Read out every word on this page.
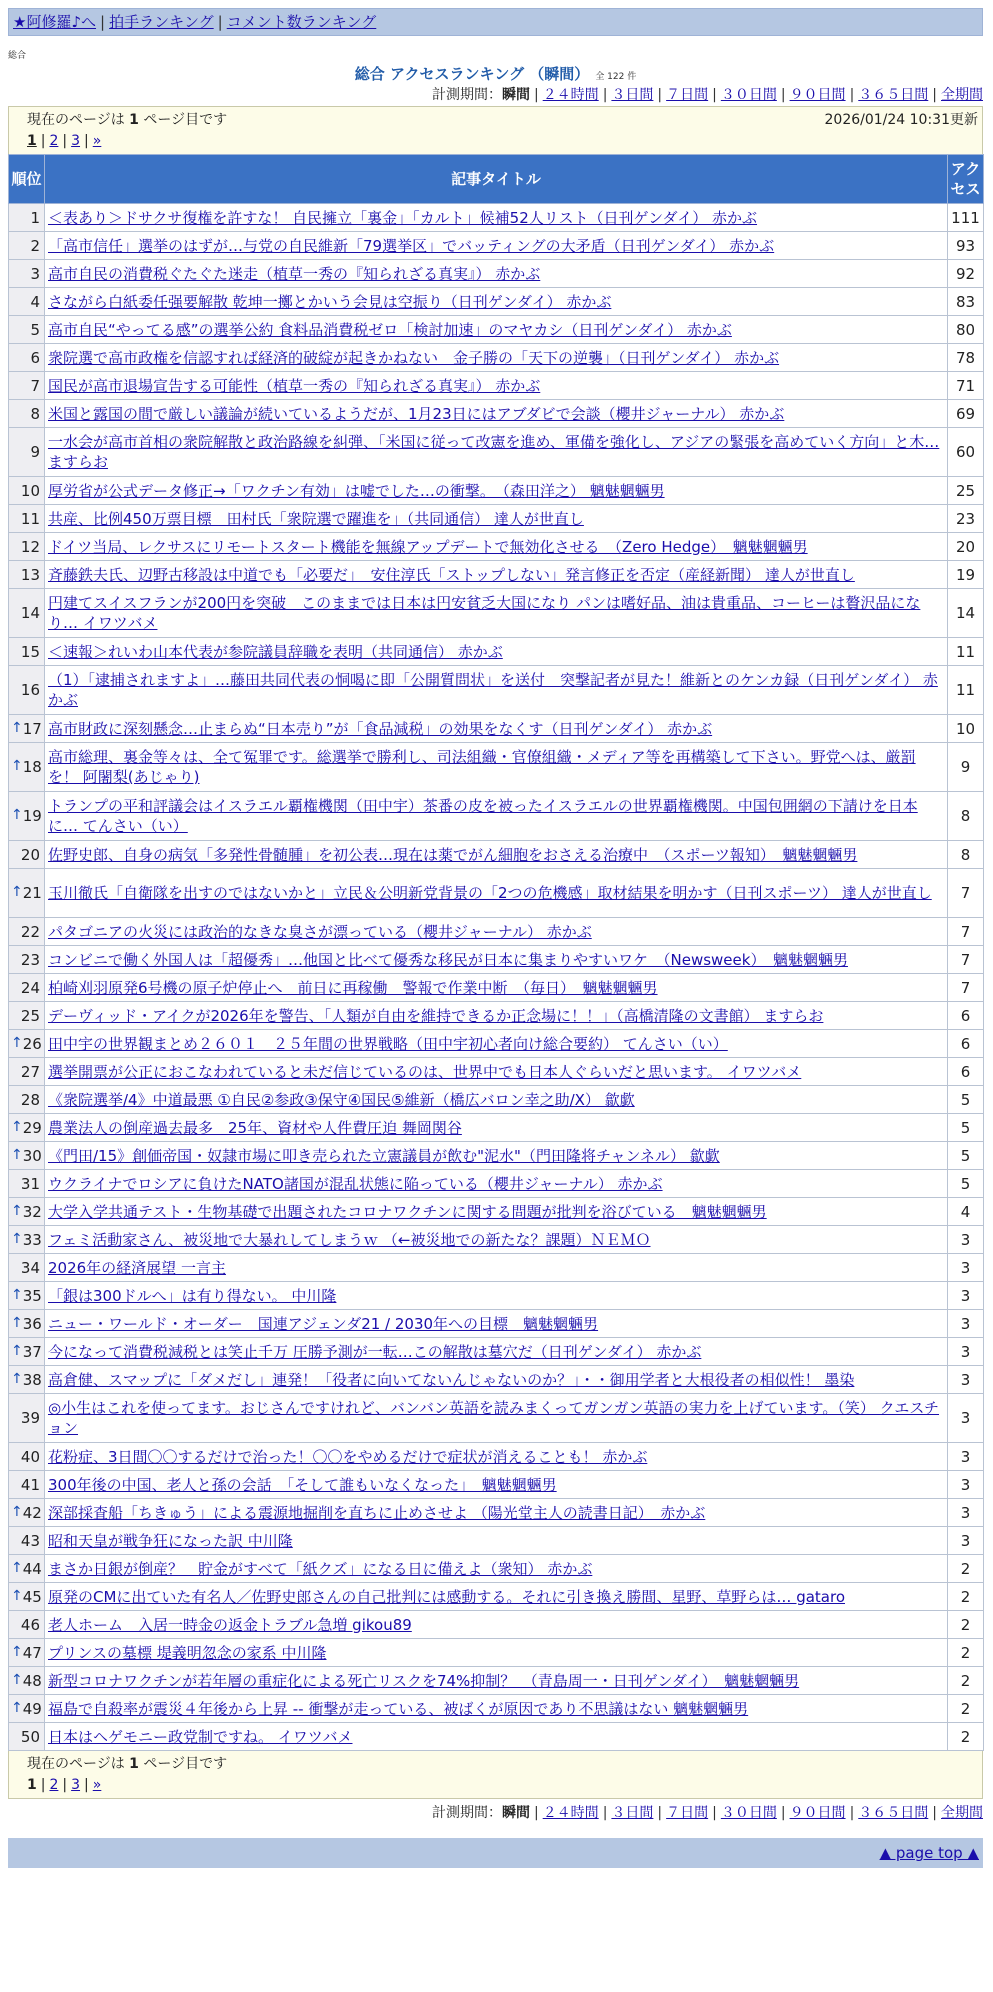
★阿修羅♪へ | 拍手ランキング | コメント数ランキング
総合
総合 アクセスランキング （瞬間） 全 122 件
計測期間：瞬間 | ２４時間 | ３日間 | ７日間 | ３０日間 | ９０日間 | ３６５日間 | 全期間
現在のページは 1 ページ目です	2026/01/24 10:31更新
1 | 2 | 3 | »
順位	記事タイトル	アクセス
1	＜表あり＞ドサクサ復権を許すな！ 自民擁立「裏金」「カルト」候補52人リスト（日刊ゲンダイ） 赤かぶ	111
2	「高市信任」選挙のはずが…与党の自民維新「79選挙区」でバッティングの大矛盾（日刊ゲンダイ） 赤かぶ	93
3	高市自民の消費税ぐたぐた迷走（植草一秀の『知られざる真実』） 赤かぶ	92
4	さながら白紙委任强要解散 乾坤一擲とかいう会見は空振り（日刊ゲンダイ） 赤かぶ	83
5	高市自民“やってる感”の選挙公約 食料品消費税ゼロ「検討加速」のマヤカシ（日刊ゲンダイ） 赤かぶ	80
6	衆院選で高市政権を信認すれば経済的破綻が起きかねない　金子勝の「天下の逆襲」（日刊ゲンダイ） 赤かぶ	78
7	国民が高市退場宣告する可能性（植草一秀の『知られざる真実』） 赤かぶ	71
8	米国と露国の間で厳しい議論が続いているようだが、1月23日にはアブダビで会談（櫻井ジャーナル） 赤かぶ	69
9	一水会が高市首相の衆院解散と政治路線を糾弾、「米国に従って改憲を進め、軍備を強化し、アジアの緊張を高めていく方向」と木… ますらお	60
10	厚労省が公式データ修正→「ワクチン有効」は嘘でした…の衝撃。　（森田洋之） 魑魅魍魎男	25
11	共産、比例450万票目標　田村氏「衆院選で躍進を」（共同通信） 達人が世直し	23
12	ドイツ当局、レクサスにリモートスタート機能を無線アップデートで無効化させる　（Zero Hedge）　魑魅魍魎男	20
13	斉藤鉄夫氏、辺野古移設は中道でも「必要だ」　安住淳氏「ストップしない」発言修正を否定（産経新聞） 達人が世直し	19
14	円建てスイスフランが200円を突破　このままでは日本は円安貧乏大国になり パンは嗜好品、油は貴重品、コーヒーは贅沢品になり… イワツバメ	14
15	＜速報＞れいわ山本代表が参院議員辞職を表明（共同通信） 赤かぶ	11
16	（1）「逮捕されますよ」…藤田共同代表の恫喝に即「公開質問状」を送付　突撃記者が見た！維新とのケンカ録（日刊ゲンダイ） 赤かぶ	11

↑ 17	高市財政に深刻懸念…止まらぬ“日本売り”が「食品減税」の効果をなくす（日刊ゲンダイ） 赤かぶ	10

↑ 18	高市総理、裏金等々は、全て冤罪です。総選挙で勝利し、司法組織・官僚組織・メディア等を再構築して下さい。野党へは、厳罰を！ 阿闍梨(あじゃり)	9

↑ 19	トランプの平和評議会はイスラエル覇権機関（田中宇）茶番の皮を被ったイスラエルの世界覇権機関。中国包囲網の下請けを日本に… てんさい（い）	8
20	佐野史郎、自身の病気「多発性骨髄腫」を初公表…現在は薬でがん細胞をおさえる治療中　（スポーツ報知）　魑魅魍魎男	8

↑ 21	玉川徹氏「自衛隊を出すのではないかと」立民＆公明新党背景の「2つの危機感」取材結果を明かす（日刊スポーツ） 達人が世直し	7
22	パタゴニアの火災には政治的なきな臭さが漂っている（櫻井ジャーナル） 赤かぶ	7
23	コンビニで働く外国人は「超優秀」…他国と比べて優秀な移民が日本に集まりやすいワケ　（Newsweek）　魑魅魍魎男	7
24	柏崎刈羽原発6号機の原子炉停止へ　前日に再稼働　警報で作業中断　（毎日）　魑魅魍魎男	7
25	デーヴィッド・アイクが2026年を警告、「人類が自由を維持できるか正念場に！！」（高橋清隆の文書館） ますらお	6

↑ 26	田中宇の世界観まとめ２６０１　２５年間の世界戦略（田中宇初心者向け総合要約） てんさい（い）	6
27	選挙開票が公正におこなわれていると未だ信じているのは、世界中でも日本人ぐらいだと思います。 イワツバメ	6
28	《衆院選挙/4》中道最悪 ①自民②参政③保守④国民⑤維新（橋広バロン幸之助/X） 歙歔	5

↑ 29	農業法人の倒産過去最多　25年、資材や人件費圧迫 舞岡関谷	5

↑ 30	《門田/15》創価帝国・奴隷市場に叩き売られた立憲議員が飲む"泥水"（門田隆将チャンネル） 歙歔	5
31	ウクライナでロシアに負けたNATO諸国が混乱状態に陥っている（櫻井ジャーナル） 赤かぶ	5

↑ 32	大学入学共通テスト・生物基礎で出題されたコロナワクチンに関する問題が批判を浴びている　魑魅魍魎男	4

↑ 33	フェミ活動家さん、被災地で大暴れしてしまうｗ （←被災地での新たな？課題）ＮＥＭＯ	3
34	2026年の経済展望 一言主	3

↑ 35	「銀は300ドルへ」は有り得ない。 中川隆	3

↑ 36	ニュー・ワールド・オーダー　国連アジェンダ21 / 2030年への目標　魑魅魍魎男	3

↑ 37	今になって消費税減税とは笑止千万 圧勝予測が一転…この解散は墓穴だ（日刊ゲンダイ） 赤かぶ	3

↑ 38	高倉健、スマップに「ダメだし」連発！「役者に向いてないんじゃないのか？」・・御用学者と大根役者の相似性！ 墨染	3
39	◎小生はこれを使ってます。おじさんですけれど、バンバン英語を読みまくってガンガン英語の実力を上げています。（笑） クエスチョン	3
40	花粉症、3日間〇〇するだけで治った！〇〇をやめるだけで症状が消えることも！ 赤かぶ	3
41	300年後の中国、老人と孫の会話　「そして誰もいなくなった」　魑魅魍魎男	3

↑ 42	深部採査船「ちきゅう」による震源地掘削を直ちに止めさせよ （陽光堂主人の読書日記）　赤かぶ	3
43	昭和天皇が戦争狂になった訳 中川隆	3

↑ 44	まさか日銀が倒産？　貯金がすべて「紙クズ」になる日に備えよ（衆知） 赤かぶ	2

↑ 45	原発のCMに出ていた有名人／佐野史郎さんの自己批判には感動する。それに引き換え勝間、星野、草野らは… gataro	2
46	老人ホーム　入居一時金の返金トラブル急増 gikou89	2

↑ 47	プリンスの墓標 堤義明忽念の家系 中川隆	2

↑ 48	新型コロナワクチンが若年層の重症化による死亡リスクを74%抑制？　（青島周一・日刊ゲンダイ）　魑魅魍魎男	2

↑ 49	福島で自殺率が震災４年後から上昇 -- 衝撃が走っている、被ばくが原因であり不思議はない 魑魅魍魎男	2
50	日本はヘゲモニー政党制ですね。 イワツバメ	2
現在のページは 1 ページ目です
1 | 2 | 3 | »
計測期間：瞬間 | ２４時間 | ３日間 | ７日間 | ３０日間 | ９０日間 | ３６５日間 | 全期間
▲ page top ▲
